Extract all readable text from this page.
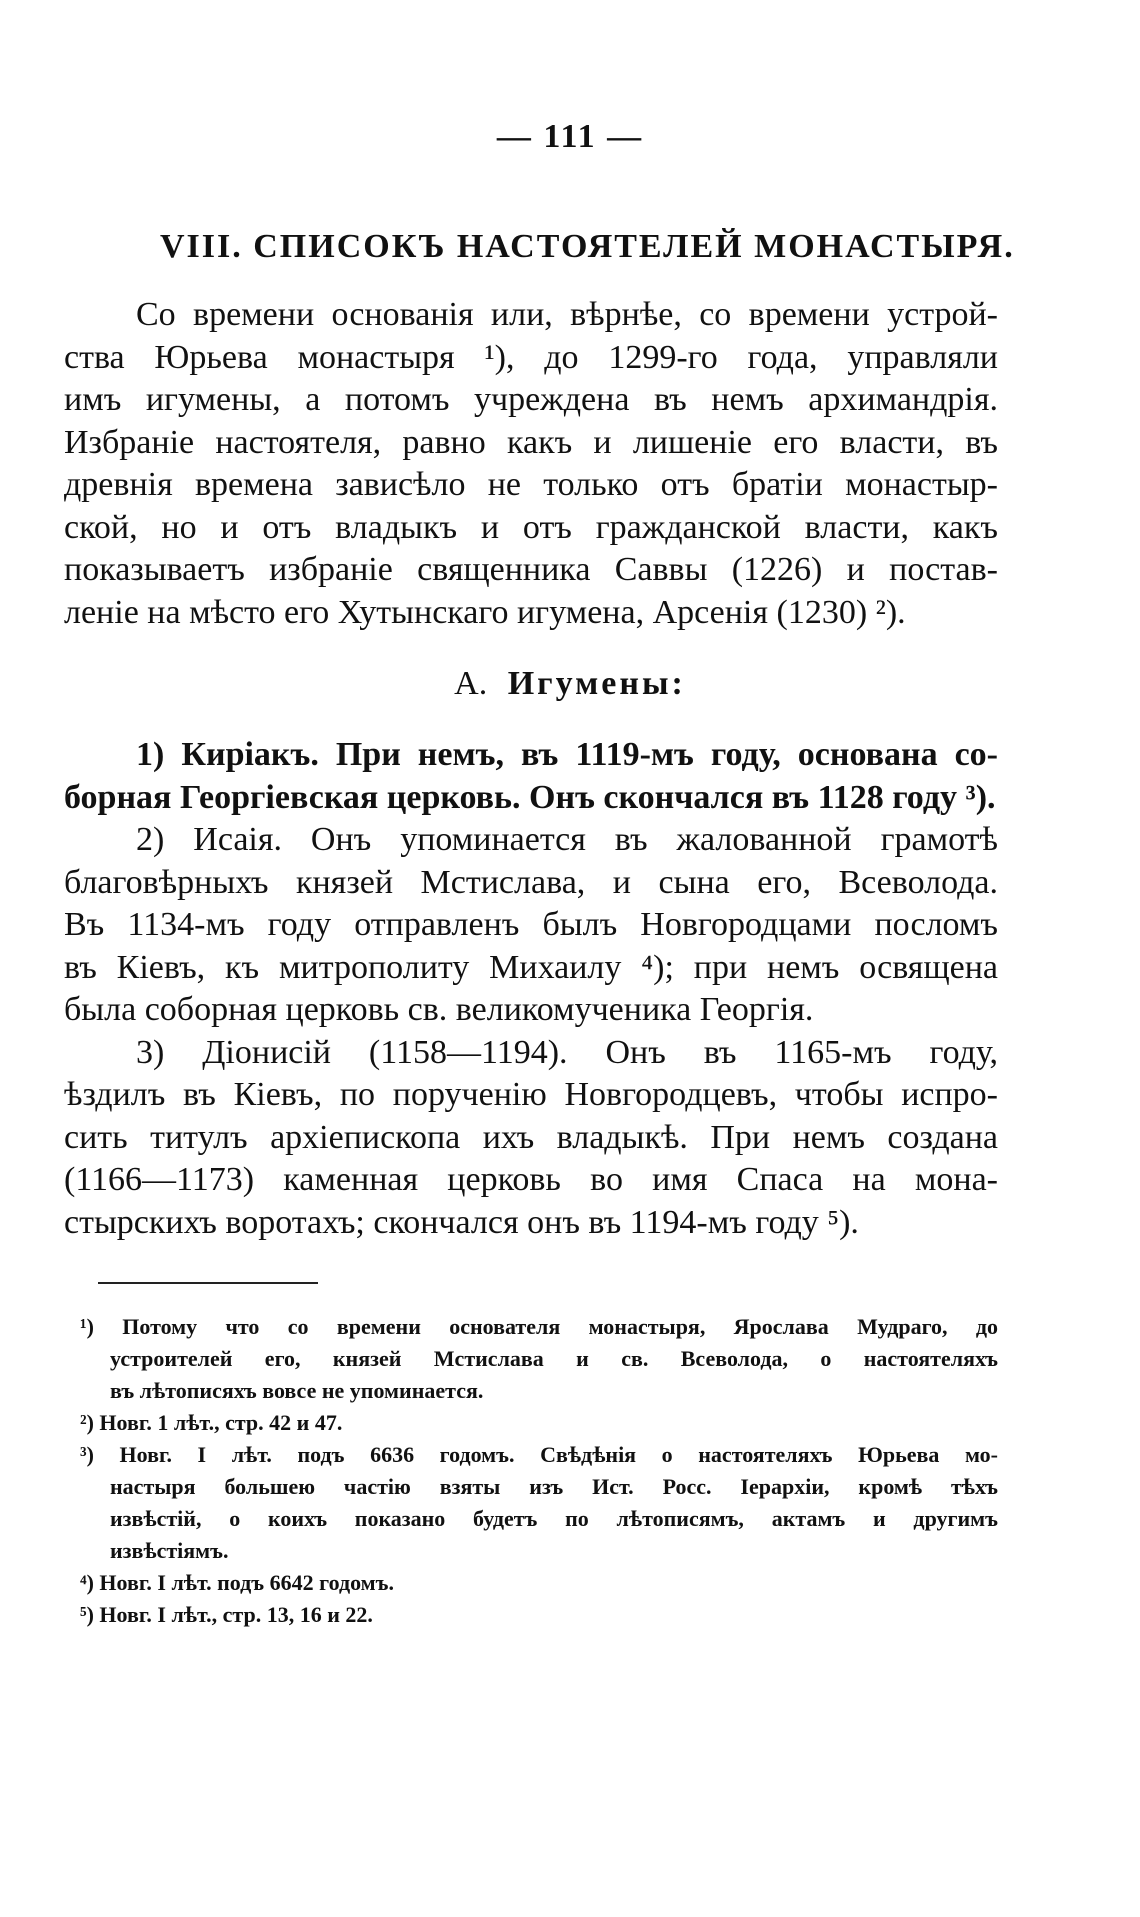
— 111 —
VIII. СПИСОКЪ НАСТОЯТЕЛЕЙ МОНАСТЫРЯ.
Со времени основанія или, вѣрнѣе, со времени устрой-
ства Юрьева монастыря ¹), до 1299-го года, управляли
имъ игумены, а потомъ учреждена въ немъ архимандрія.
Избраніе настоятеля, равно какъ и лишеніе его власти, въ
древнія времена зависѣло не только отъ братіи монастыр-
ской, но и отъ владыкъ и отъ гражданской власти, какъ
показываетъ избраніе священника Саввы (1226) и постав-
леніе на мѣсто его Хутынскаго игумена, Арсенія (1230) ²).
А. Игумены:
1) Киріакъ. При немъ, въ 1119-мъ году, основана со-
борная Георгіевская церковь. Онъ скончался въ 1128 году ³).
2) Исаія. Онъ упоминается въ жалованной грамотѣ
благовѣрныхъ князей Мстислава, и сына его, Всеволода.
Въ 1134-мъ году отправленъ былъ Новгородцами посломъ
въ Кіевъ, къ митрополиту Михаилу ⁴); при немъ освящена
была соборная церковь св. великомученика Георгія.
3) Діонисій (1158—1194). Онъ въ 1165-мъ году,
ѣздилъ въ Кіевъ, по порученію Новгородцевъ, чтобы испро-
сить титулъ архіепископа ихъ владыкѣ. При немъ создана
(1166—1173) каменная церковь во имя Спаса на мона-
стырскихъ воротахъ; скончался онъ въ 1194-мъ году ⁵).
¹) Потому что со времени основателя монастыря, Ярослава Мудраго, до
устроителей его, князей Мстислава и св. Всеволода, о настоятеляхъ
въ лѣтописяхъ вовсе не упоминается.
²) Новг. 1 лѣт., стр. 42 и 47.
³) Новг. I лѣт. подъ 6636 годомъ. Свѣдѣнія о настоятеляхъ Юрьева мо-
настыря большею частію взяты изъ Ист. Росс. Іерархіи, кромѣ тѣхъ
извѣстій, о коихъ показано будетъ по лѣтописямъ, актамъ и другимъ
извѣстіямъ.
⁴) Новг. I лѣт. подъ 6642 годомъ.
⁵) Новг. I лѣт., стр. 13, 16 и 22.
